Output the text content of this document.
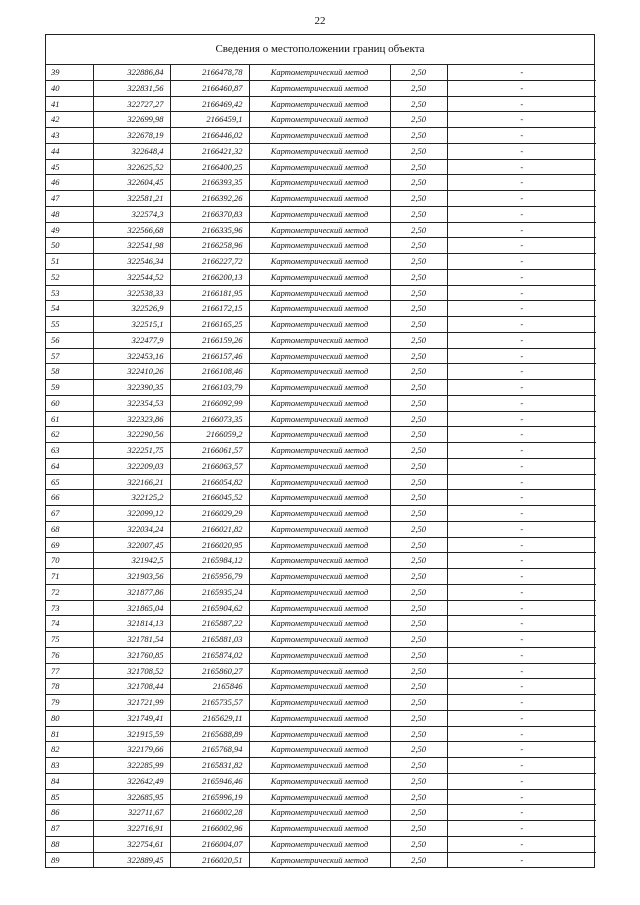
22
Сведения о местоположении границ объекта
39	322886,84	2166478,78	Картометрический метод	2,50	-
40	322831,56	2166460,87	Картометрический метод	2,50	-
41	322727,27	2166469,42	Картометрический метод	2,50	-
42	322699,98	2166459,1	Картометрический метод	2,50	-
43	322678,19	2166446,02	Картометрический метод	2,50	-
44	322648,4	2166421,32	Картометрический метод	2,50	-
45	322625,52	2166400,25	Картометрический метод	2,50	-
46	322604,45	2166393,35	Картометрический метод	2,50	-
47	322581,21	2166392,26	Картометрический метод	2,50	-
48	322574,3	2166370,83	Картометрический метод	2,50	-
49	322566,68	2166335,96	Картометрический метод	2,50	-
50	322541,98	2166258,96	Картометрический метод	2,50	-
51	322546,34	2166227,72	Картометрический метод	2,50	-
52	322544,52	2166200,13	Картометрический метод	2,50	-
53	322538,33	2166181,95	Картометрический метод	2,50	-
54	322526,9	2166172,15	Картометрический метод	2,50	-
55	322515,1	2166165,25	Картометрический метод	2,50	-
56	322477,9	2166159,26	Картометрический метод	2,50	-
57	322453,16	2166157,46	Картометрический метод	2,50	-
58	322410,26	2166108,46	Картометрический метод	2,50	-
59	322390,35	2166103,79	Картометрический метод	2,50	-
60	322354,53	2166092,99	Картометрический метод	2,50	-
61	322323,86	2166073,35	Картометрический метод	2,50	-
62	322290,56	2166059,2	Картометрический метод	2,50	-
63	322251,75	2166061,57	Картометрический метод	2,50	-
64	322209,03	2166063,57	Картометрический метод	2,50	-
65	322166,21	2166054,82	Картометрический метод	2,50	-
66	322125,2	2166045,52	Картометрический метод	2,50	-
67	322099,12	2166029,29	Картометрический метод	2,50	-
68	322034,24	2166021,82	Картометрический метод	2,50	-
69	322007,45	2166020,95	Картометрический метод	2,50	-
70	321942,5	2165984,12	Картометрический метод	2,50	-
71	321903,56	2165956,79	Картометрический метод	2,50	-
72	321877,86	2165935,24	Картометрический метод	2,50	-
73	321865,04	2165904,62	Картометрический метод	2,50	-
74	321814,13	2165887,22	Картометрический метод	2,50	-
75	321781,54	2165881,03	Картометрический метод	2,50	-
76	321760,85	2165874,02	Картометрический метод	2,50	-
77	321708,52	2165860,27	Картометрический метод	2,50	-
78	321708,44	2165846	Картометрический метод	2,50	-
79	321721,99	2165735,57	Картометрический метод	2,50	-
80	321749,41	2165629,11	Картометрический метод	2,50	-
81	321915,59	2165688,89	Картометрический метод	2,50	-
82	322179,66	2165768,94	Картометрический метод	2,50	-
83	322285,99	2165831,82	Картометрический метод	2,50	-
84	322642,49	2165946,46	Картометрический метод	2,50	-
85	322685,95	2165996,19	Картометрический метод	2,50	-
86	322711,67	2166002,28	Картометрический метод	2,50	-
87	322716,91	2166002,96	Картометрический метод	2,50	-
88	322754,61	2166004,07	Картометрический метод	2,50	-
89	322889,45	2166020,51	Картометрический метод	2,50	-
